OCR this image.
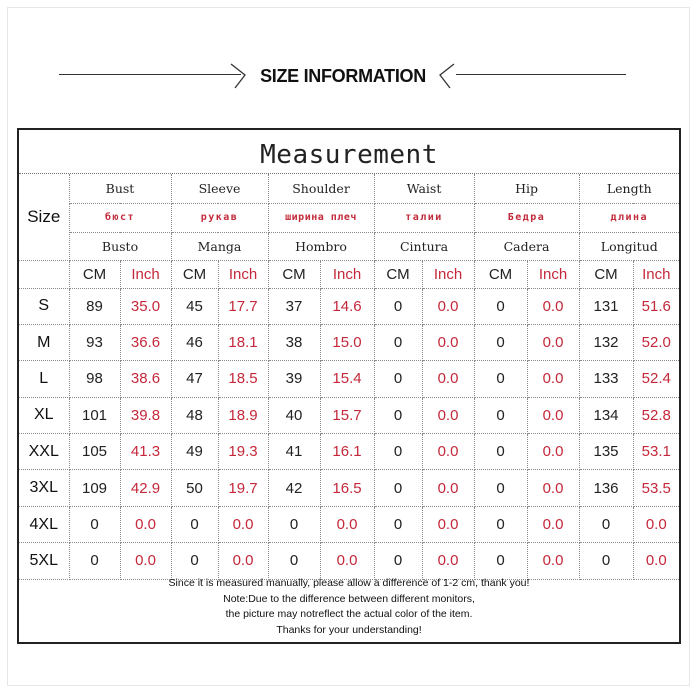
SIZE INFORMATION
Measurement
Size	Bust		Sleeve		Shoulder		Waist		Hip		Length	
	бюст		рукав		ширина плеч		талии		Бедра		длина	
	Busto		Manga		Hombro		Cintura		Cadera		Longitud	
	CM	Inch	CM	Inch	CM	Inch	CM	Inch	CM	Inch	CM	Inch
S	89	35.0	45	17.7	37	14.6	0	0.0	0	0.0	131	51.6
M	93	36.6	46	18.1	38	15.0	0	0.0	0	0.0	132	52.0
L	98	38.6	47	18.5	39	15.4	0	0.0	0	0.0	133	52.4
XL	101	39.8	48	18.9	40	15.7	0	0.0	0	0.0	134	52.8
XXL	105	41.3	49	19.3	41	16.1	0	0.0	0	0.0	135	53.1
3XL	109	42.9	50	19.7	42	16.5	0	0.0	0	0.0	136	53.5
4XL	0	0.0	0	0.0	0	0.0	0	0.0	0	0.0	0	0.0
5XL	0	0.0	0	0.0	0	0.0	0	0.0	0	0.0	0	0.0
Since it is measured manually, please allow a difference of 1-2 cm, thank you!
Note:Due to the difference between different monitors,
the picture may notreflect the actual color of the item.
Thanks for your understanding!
